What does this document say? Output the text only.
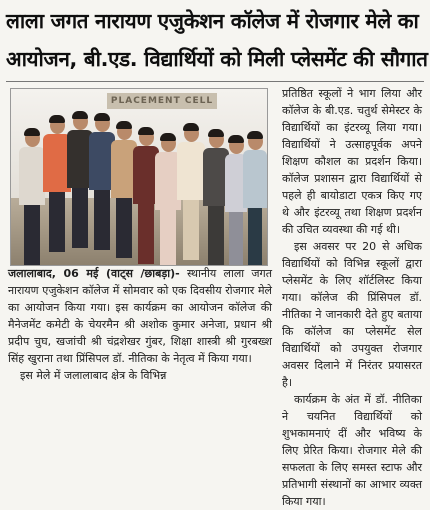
लाला जगत नारायण एजुकेशन कॉलेज में रोजगार मेले का
आयोजन, बी.एड. विद्यार्थियों को मिली प्लेसमेंट की सौगात
PLACEMENT CELL

प्रतिष्ठित स्कूलों ने भाग लिया और कॉलेज के बी.एड. चतुर्थ सेमेस्टर के विद्यार्थियों का इंटरव्यू लिया गया। विद्यार्थियों ने उत्साहपूर्वक अपने शिक्षण कौशल का प्रदर्शन किया। कॉलेज प्रशासन द्वारा विद्यार्थियों से पहले ही बायोडाटा एकत्र किए गए थे और इंटरव्यू तथा शिक्षण प्रदर्शन की उचित व्यवस्था की गई थी।

इस अवसर पर 20 से अधिक विद्यार्थियों को विभिन्न स्कूलों द्वारा प्लेसमेंट के लिए शॉर्टलिस्ट किया गया। कॉलेज की प्रिंसिपल डॉ. नीतिका ने जानकारी देते हुए बताया कि कॉलेज का प्लेसमेंट सेल विद्यार्थियों को उपयुक्त रोजगार अवसर दिलाने में निरंतर प्रयासरत है।

कार्यक्रम के अंत में डॉ. नीतिका ने चयनित विद्यार्थियों को शुभकामनाएं दीं और भविष्य के लिए प्रेरित किया। रोजगार मेले की सफलता के लिए समस्त स्टाफ और प्रतिभागी संस्थानों का आभार व्यक्त किया गया।

जलालाबाद, 06 मई (वाट्स /छाबड़ा)- स्थानीय लाला जगत नारायण एजुकेशन कॉलेज में सोमवार को एक दिवसीय रोजगार मेले का आयोजन किया गया। इस कार्यक्रम का आयोजन कॉलेज की मैनेजमेंट कमेटी के चेयरमैन श्री अशोक कुमार अनेजा, प्रधान श्री प्रदीप चुघ, खजांची श्री चंद्रशेखर गुंबर, शिक्षा शास्त्री श्री गुरबख्श सिंह खुराना तथा प्रिंसिपल डॉ. नीतिका के नेतृत्व में किया गया।

इस मेले में जलालाबाद क्षेत्र के विभिन्न
